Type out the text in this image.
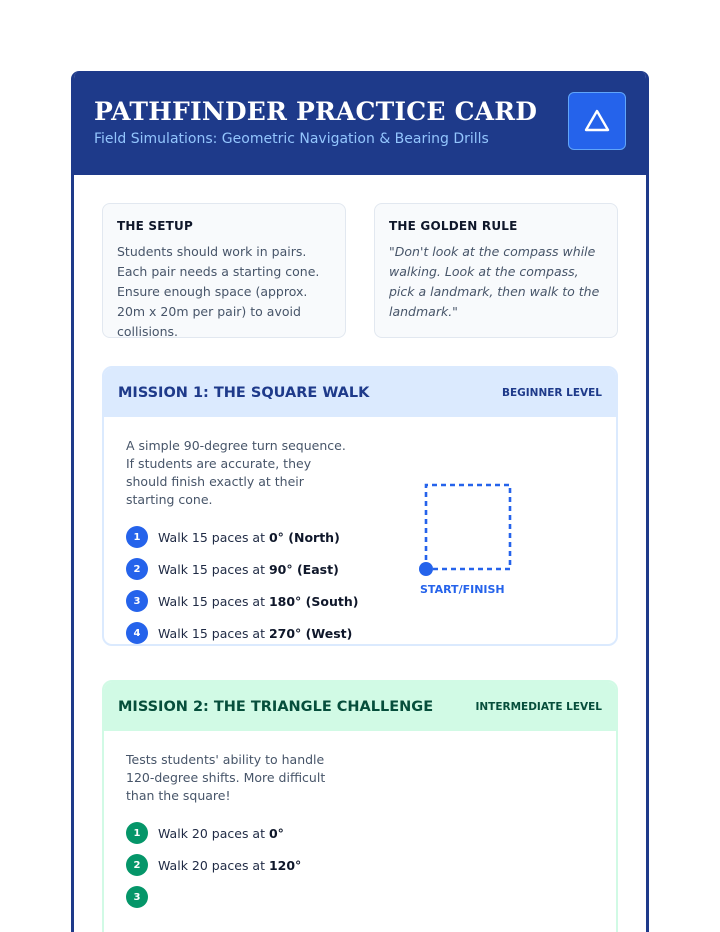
PATHFINDER PRACTICE CARD
Field Simulations: Geometric Navigation & Bearing Drills
THE SETUP
Students should work in pairs. Each pair needs a starting cone. Ensure enough space (approx. 20m x 20m per pair) to avoid collisions.
THE GOLDEN RULE
"Don't look at the compass while walking. Look at the compass, pick a landmark, then walk to the landmark."
MISSION 1: THE SQUARE WALK	BEGINNER LEVEL
A simple 90-degree turn sequence. If students are accurate, they should finish exactly at their starting cone.
1	Walk 15 paces at 0° (North)
2	Walk 15 paces at 90° (East)
3	Walk 15 paces at 180° (South)
4	Walk 15 paces at 270° (West)
START/FINISH
MISSION 2: THE TRIANGLE CHALLENGE	INTERMEDIATE LEVEL
Tests students' ability to handle 120-degree shifts. More difficult than the square!
1	Walk 20 paces at 0°
2	Walk 20 paces at 120°
3
